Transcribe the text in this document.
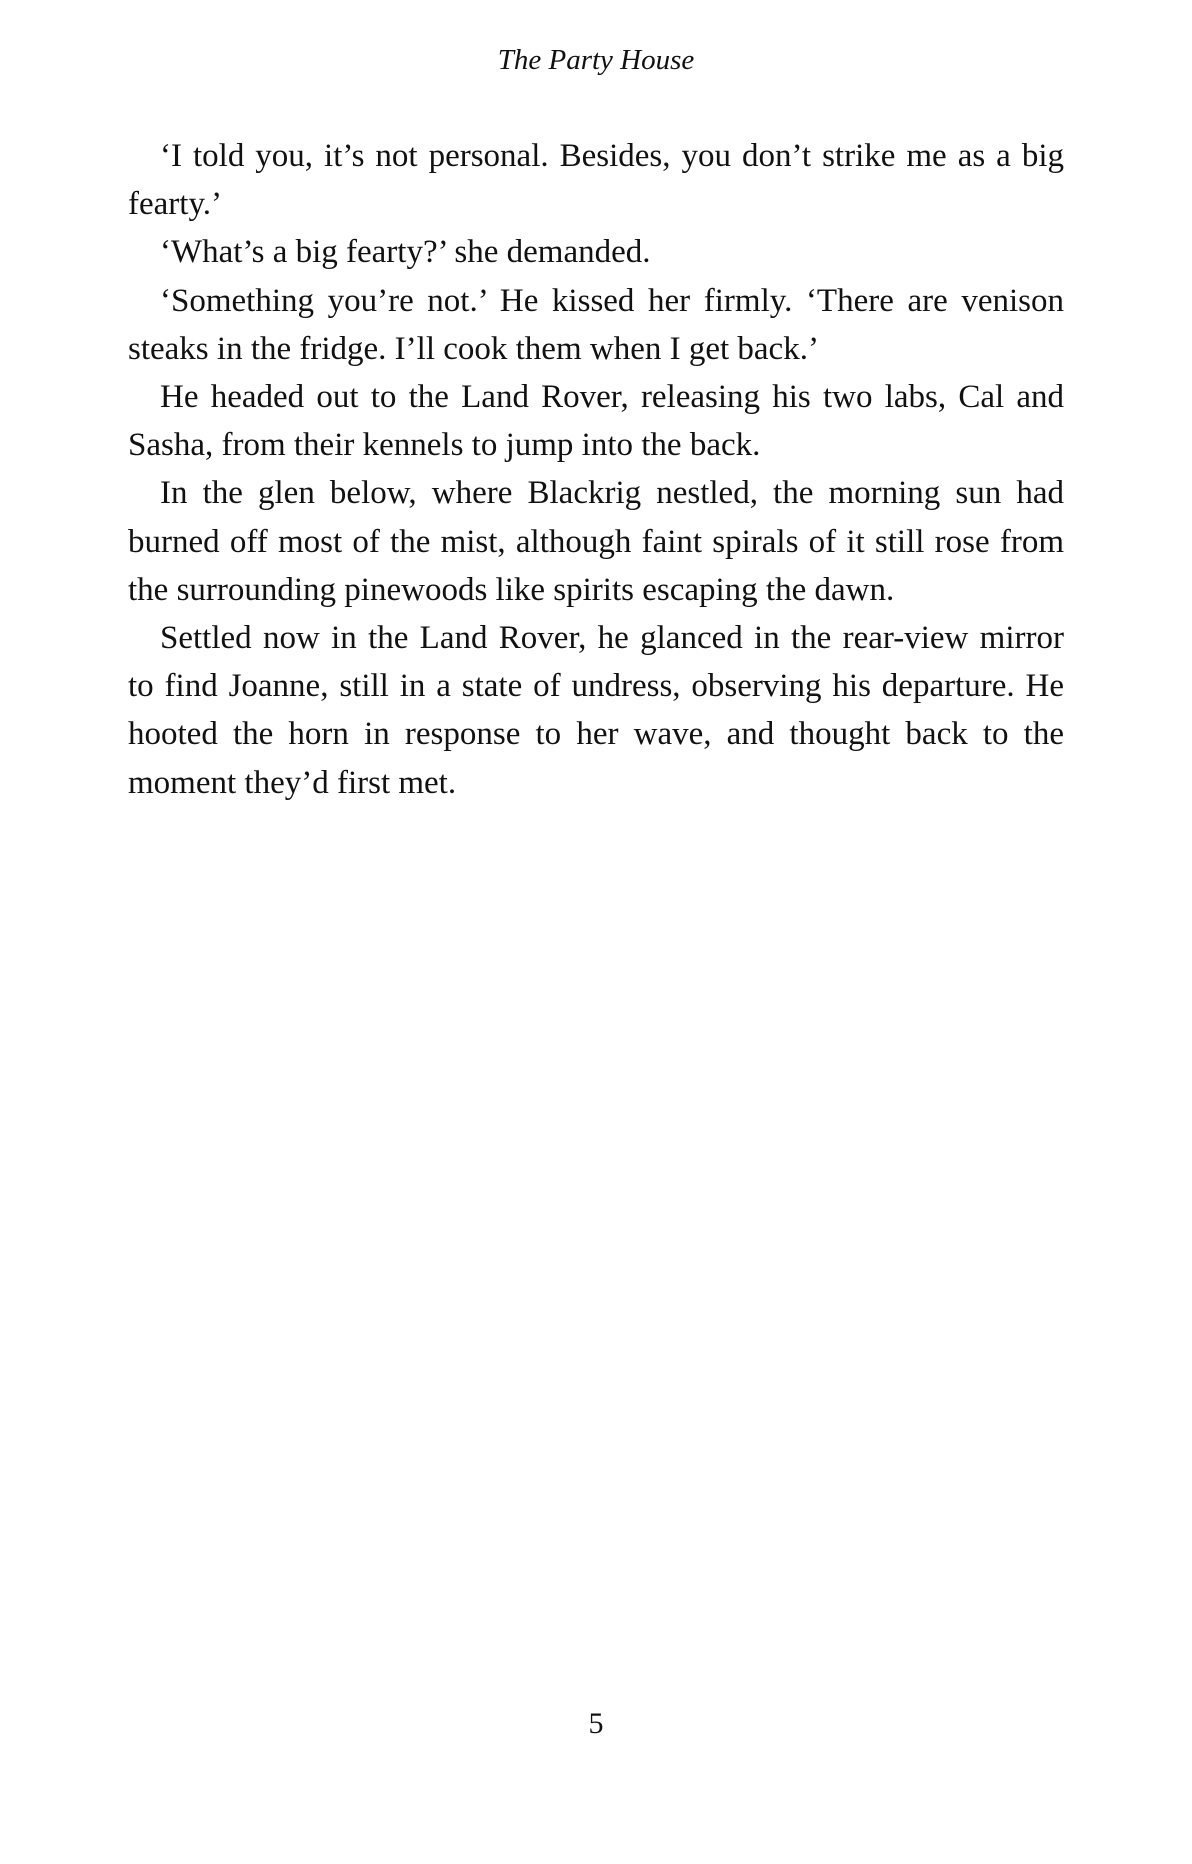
The Party House

‘I told you, it’s not personal. Besides, you don’t strike me as a big fearty.’

‘What’s a big fearty?’ she demanded.

‘Something you’re not.’ He kissed her firmly. ‘There are venison steaks in the fridge. I’ll cook them when I get back.’

He headed out to the Land Rover, releasing his two labs, Cal and Sasha, from their kennels to jump into the back.

In the glen below, where Blackrig nestled, the morning sun had burned off most of the mist, although faint spirals of it still rose from the surrounding pinewoods like spirits escaping the dawn.

Settled now in the Land Rover, he glanced in the rear-view mirror to find Joanne, still in a state of undress, observing his departure. He hooted the horn in response to her wave, and thought back to the moment they’d first met.

5
